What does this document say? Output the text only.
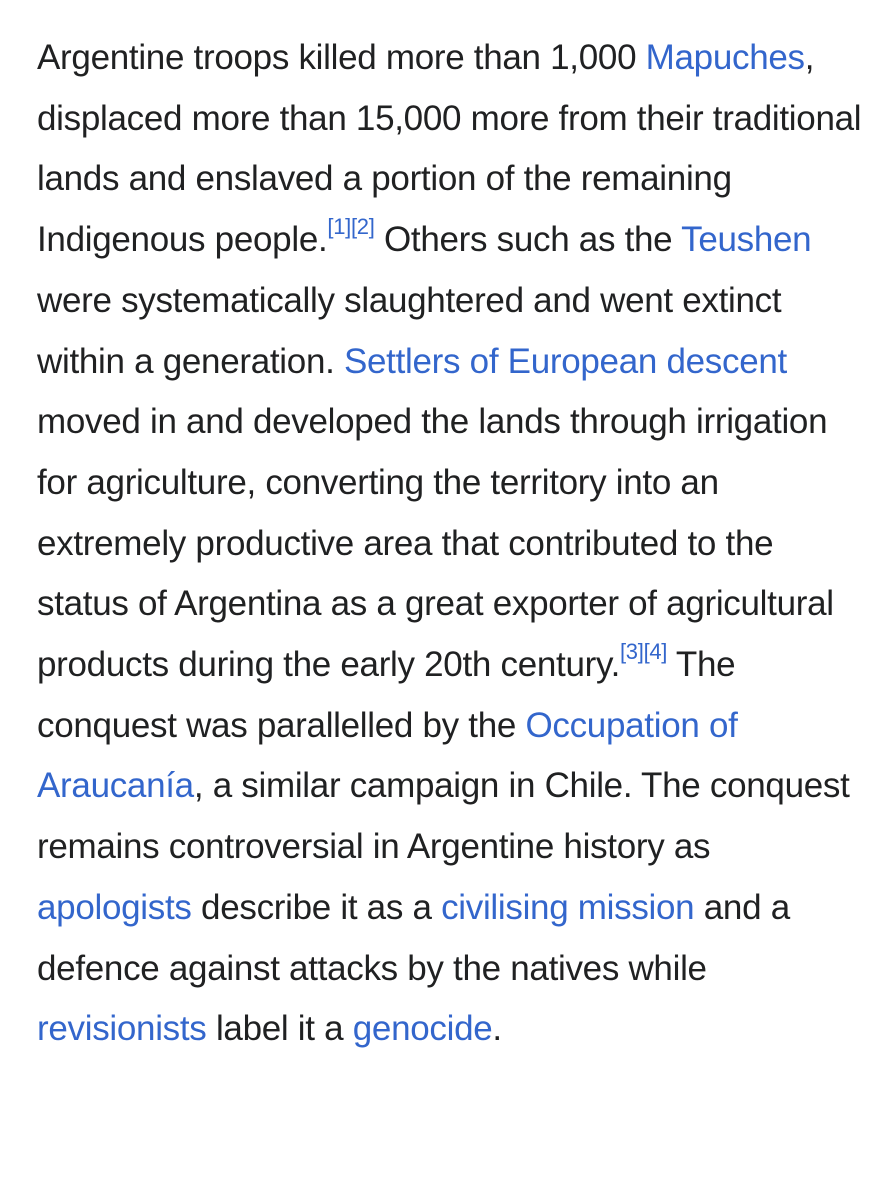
Argentine troops killed more than 1,000 Mapuches, displaced more than 15,000 more from their traditional lands and enslaved a portion of the remaining Indigenous people.[1][2] Others such as the Teushen were systematically slaughtered and went extinct within a generation. Settlers of European descent moved in and developed the lands through irrigation for agriculture, converting the territory into an extremely productive area that contributed to the status of Argentina as a great exporter of agricultural products during the early 20th century.[3][4] The conquest was parallelled by the Occupation of Araucanía, a similar campaign in Chile. The conquest remains controversial in Argentine history as apologists describe it as a civilising mission and a defence against attacks by the natives while revisionists label it a genocide.
